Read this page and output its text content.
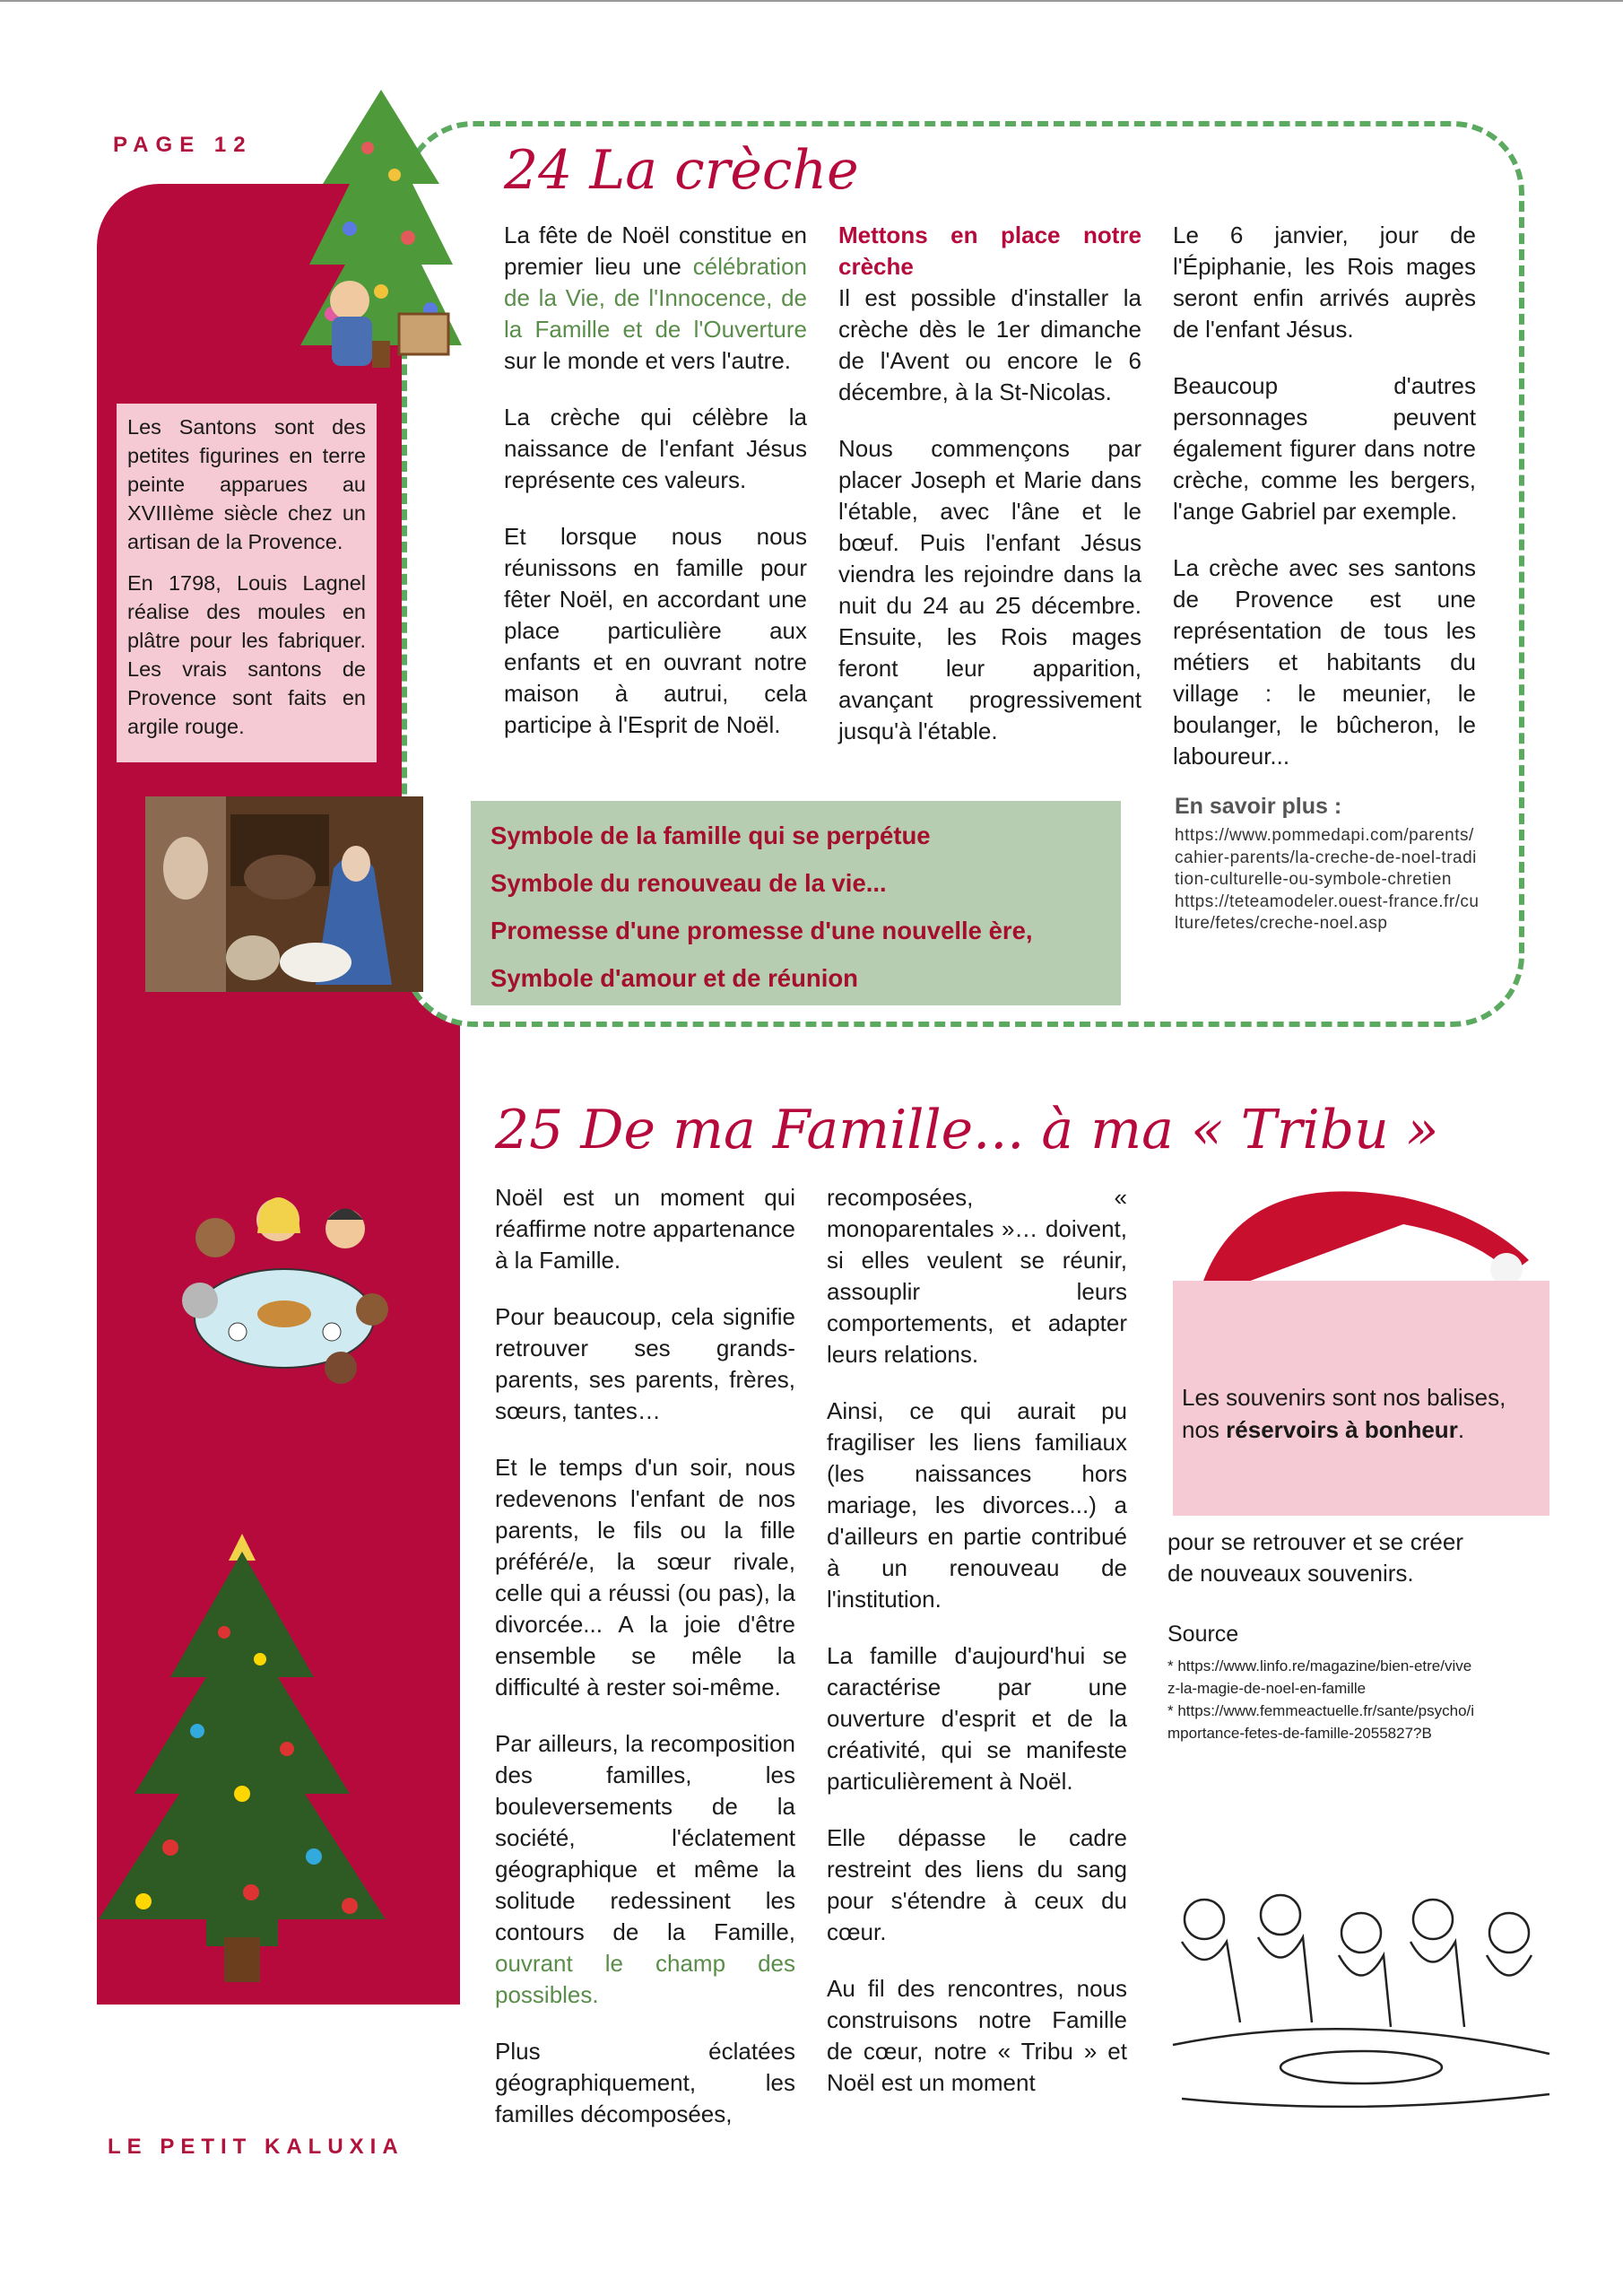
PAGE 12

Les Santons sont des petites figurines en terre peinte apparues au XVIIIème siècle chez un artisan de la Provence.

En 1798, Louis Lagnel réalise des moules en plâtre pour les fabriquer. Les vrais santons de Provence sont faits en argile rouge.

24 La crèche

La fête de Noël constitue en premier lieu une célébration de la Vie, de l'Innocence, de la Famille et de l'Ouverture sur le monde et vers l'autre.

La crèche qui célèbre la naissance de l'enfant Jésus représente ces valeurs.

Et lorsque nous nous réunissons en famille pour fêter Noël, en accordant une place particulière aux enfants et en ouvrant notre maison à autrui, cela participe à l'Esprit de Noël.

Mettons en place notre crèche
Il est possible d'installer la crèche dès le 1er dimanche de l'Avent ou encore le 6 décembre, à la St-Nicolas.

Nous commençons par placer Joseph et Marie dans l'étable, avec l'âne et le bœuf. Puis l'enfant Jésus viendra les rejoindre dans la nuit du 24 au 25 décembre. Ensuite, les Rois mages feront leur apparition, avançant progressivement jusqu'à l'étable.

Le 6 janvier, jour de l'Épiphanie, les Rois mages seront enfin arrivés auprès de l'enfant Jésus.

Beaucoup d'autres personnages peuvent également figurer dans notre crèche, comme les bergers, l'ange Gabriel par exemple.

La crèche avec ses santons de Provence est une représentation de tous les métiers et habitants du village : le meunier, le boulanger, le bûcheron, le laboureur...

En savoir plus :
https://www.pommedapi.com/parents/cahier-parents/la-creche-de-noel-tradition-culturelle-ou-symbole-chretien
https://teteamodeler.ouest-france.fr/culture/fetes/creche-noel.asp
Symbole de la famille qui se perpétue
Symbole du renouveau de la vie...
Promesse d'une promesse d'une nouvelle ère,
Symbole d'amour et de réunion
25 De ma Famille... à ma « Tribu »

Noël est un moment qui réaffirme notre appartenance à la Famille.

Pour beaucoup, cela signifie retrouver ses grands-parents, ses parents, frères, sœurs, tantes…

Et le temps d'un soir, nous redevenons l'enfant de nos parents, le fils ou la fille préféré/e, la sœur rivale, celle qui a réussi (ou pas), la divorcée... A la joie d'être ensemble se mêle la difficulté à rester soi-même.

Par ailleurs, la recomposition des familles, les bouleversements de la société, l'éclatement géographique et même la solitude redessinent les contours de la Famille, ouvrant le champ des possibles.

Plus éclatées géographiquement, les familles décomposées,

recomposées, « monoparentales »… doivent, si elles veulent se réunir, assouplir leurs comportements, et adapter leurs relations.

Ainsi, ce qui aurait pu fragiliser les liens familiaux (les naissances hors mariage, les divorces...) a d'ailleurs en partie contribué à un renouveau de l'institution.

La famille d'aujourd'hui se caractérise par une ouverture d'esprit et de la créativité, qui se manifeste particulièrement à Noël.

Elle dépasse le cadre restreint des liens du sang pour s'étendre à ceux du cœur.

Au fil des rencontres, nous construisons notre Famille de cœur, notre « Tribu » et Noël est un moment

Les souvenirs sont nos balises, nos réservoirs à bonheur.

pour se retrouver et se créer de nouveaux souvenirs.

Source
* https://www.linfo.re/magazine/bien-etre/vivez-la-magie-de-noel-en-famille
* https://www.femmeactuelle.fr/sante/psycho/importance-fetes-de-famille-2055827?B
LE PETIT KALUXIA
